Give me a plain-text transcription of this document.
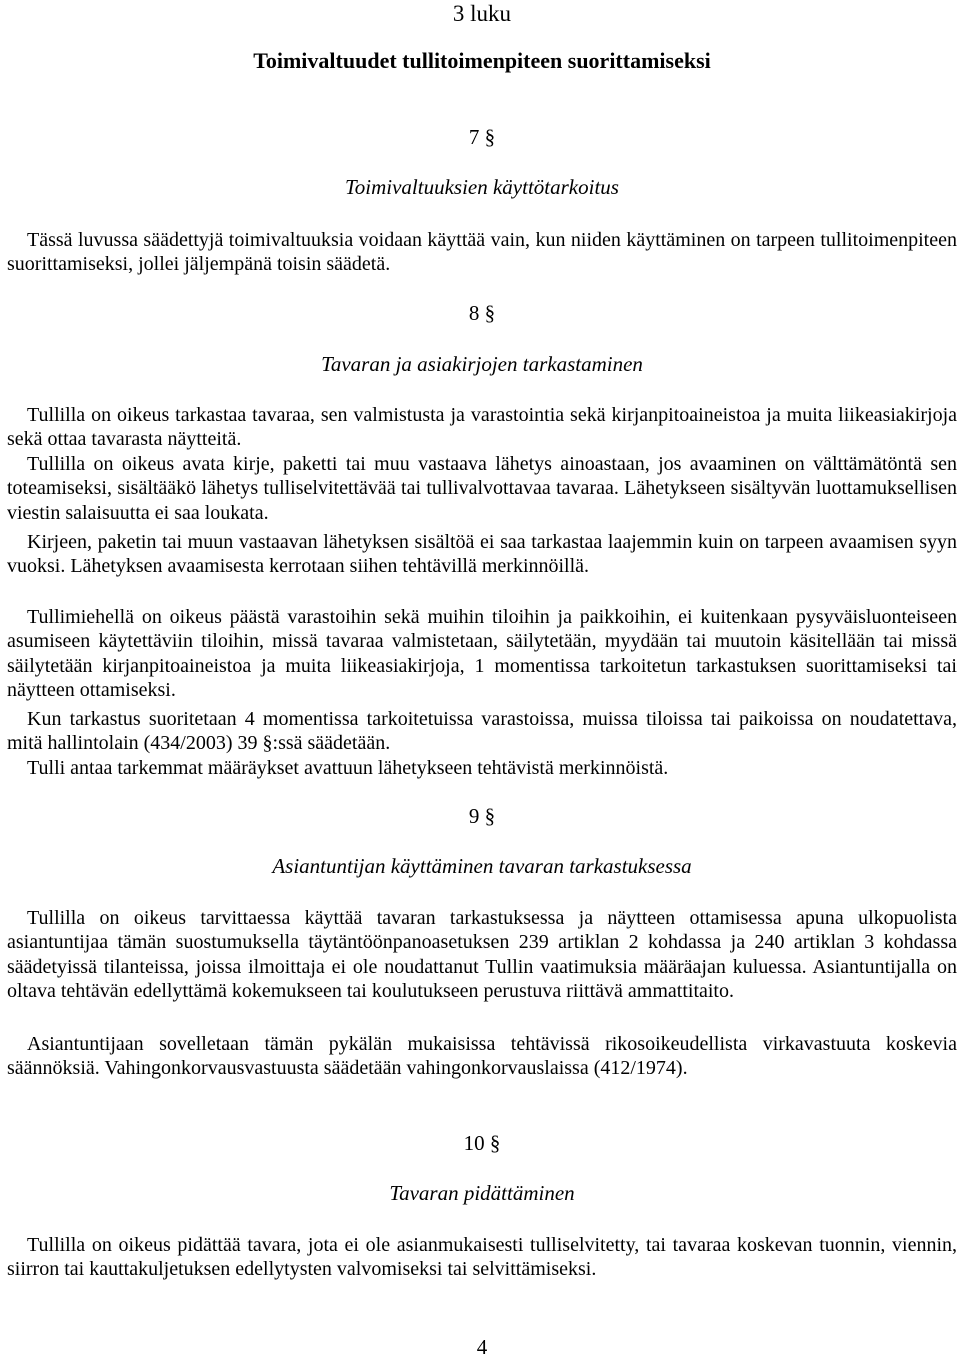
3 luku
Toimivaltuudet tullitoimenpiteen suorittamiseksi
7 §
Toimivaltuuksien käyttötarkoitus

Tässä luvussa säädettyjä toimivaltuuksia voidaan käyttää vain, kun niiden käyttäminen on tarpeen tullitoimenpiteen suorittamiseksi, jollei jäljempänä toisin säädetä.

8 §
Tavaran ja asiakirjojen tarkastaminen

Tullilla on oikeus tarkastaa tavaraa, sen valmistusta ja varastointia sekä kirjanpitoaineistoa ja muita liikeasiakirjoja sekä ottaa tavarasta näytteitä.

Tullilla on oikeus avata kirje, paketti tai muu vastaava lähetys ainoastaan, jos avaaminen on välttämätöntä sen toteamiseksi, sisältääkö lähetys tulliselvitettävää tai tullivalvottavaa tavaraa. Lähetykseen sisältyvän luottamuksellisen viestin salaisuutta ei saa loukata.

Kirjeen, paketin tai muun vastaavan lähetyksen sisältöä ei saa tarkastaa laajemmin kuin on tarpeen avaamisen syyn vuoksi. Lähetyksen avaamisesta kerrotaan siihen tehtävillä merkinnöillä.

Tullimiehellä on oikeus päästä varastoihin sekä muihin tiloihin ja paikkoihin, ei kuitenkaan pysyväisluonteiseen asumiseen käytettäviin tiloihin, missä tavaraa valmistetaan, säilytetään, myydään tai muutoin käsitellään tai missä säilytetään kirjanpitoaineistoa ja muita liikeasiakirjoja, 1 momentissa tarkoitetun tarkastuksen suorittamiseksi tai näytteen ottamiseksi.

Kun tarkastus suoritetaan 4 momentissa tarkoitetuissa varastoissa, muissa tiloissa tai paikoissa on noudatettava, mitä hallintolain (434/2003) 39 §:ssä säädetään.

Tulli antaa tarkemmat määräykset avattuun lähetykseen tehtävistä merkinnöistä.

9 §
Asiantuntijan käyttäminen tavaran tarkastuksessa

Tullilla on oikeus tarvittaessa käyttää tavaran tarkastuksessa ja näytteen ottamisessa apuna ulkopuolista asiantuntijaa tämän suostumuksella täytäntöönpanoasetuksen 239 artiklan 2 kohdassa ja 240 artiklan 3 kohdassa säädetyissä tilanteissa, joissa ilmoittaja ei ole noudattanut Tullin vaatimuksia määräajan kuluessa. Asiantuntijalla on oltava tehtävän edellyttämä kokemukseen tai koulutukseen perustuva riittävä ammattitaito.

Asiantuntijaan sovelletaan tämän pykälän mukaisissa tehtävissä rikosoikeudellista virkavastuuta koskevia säännöksiä. Vahingonkorvausvastuusta säädetään vahingonkorvauslaissa (412/1974).

10 §
Tavaran pidättäminen

Tullilla on oikeus pidättää tavara, jota ei ole asianmukaisesti tulliselvitetty, tai tavaraa koskevan tuonnin, viennin, siirron tai kauttakuljetuksen edellytysten valvomiseksi tai selvittämiseksi.

4
